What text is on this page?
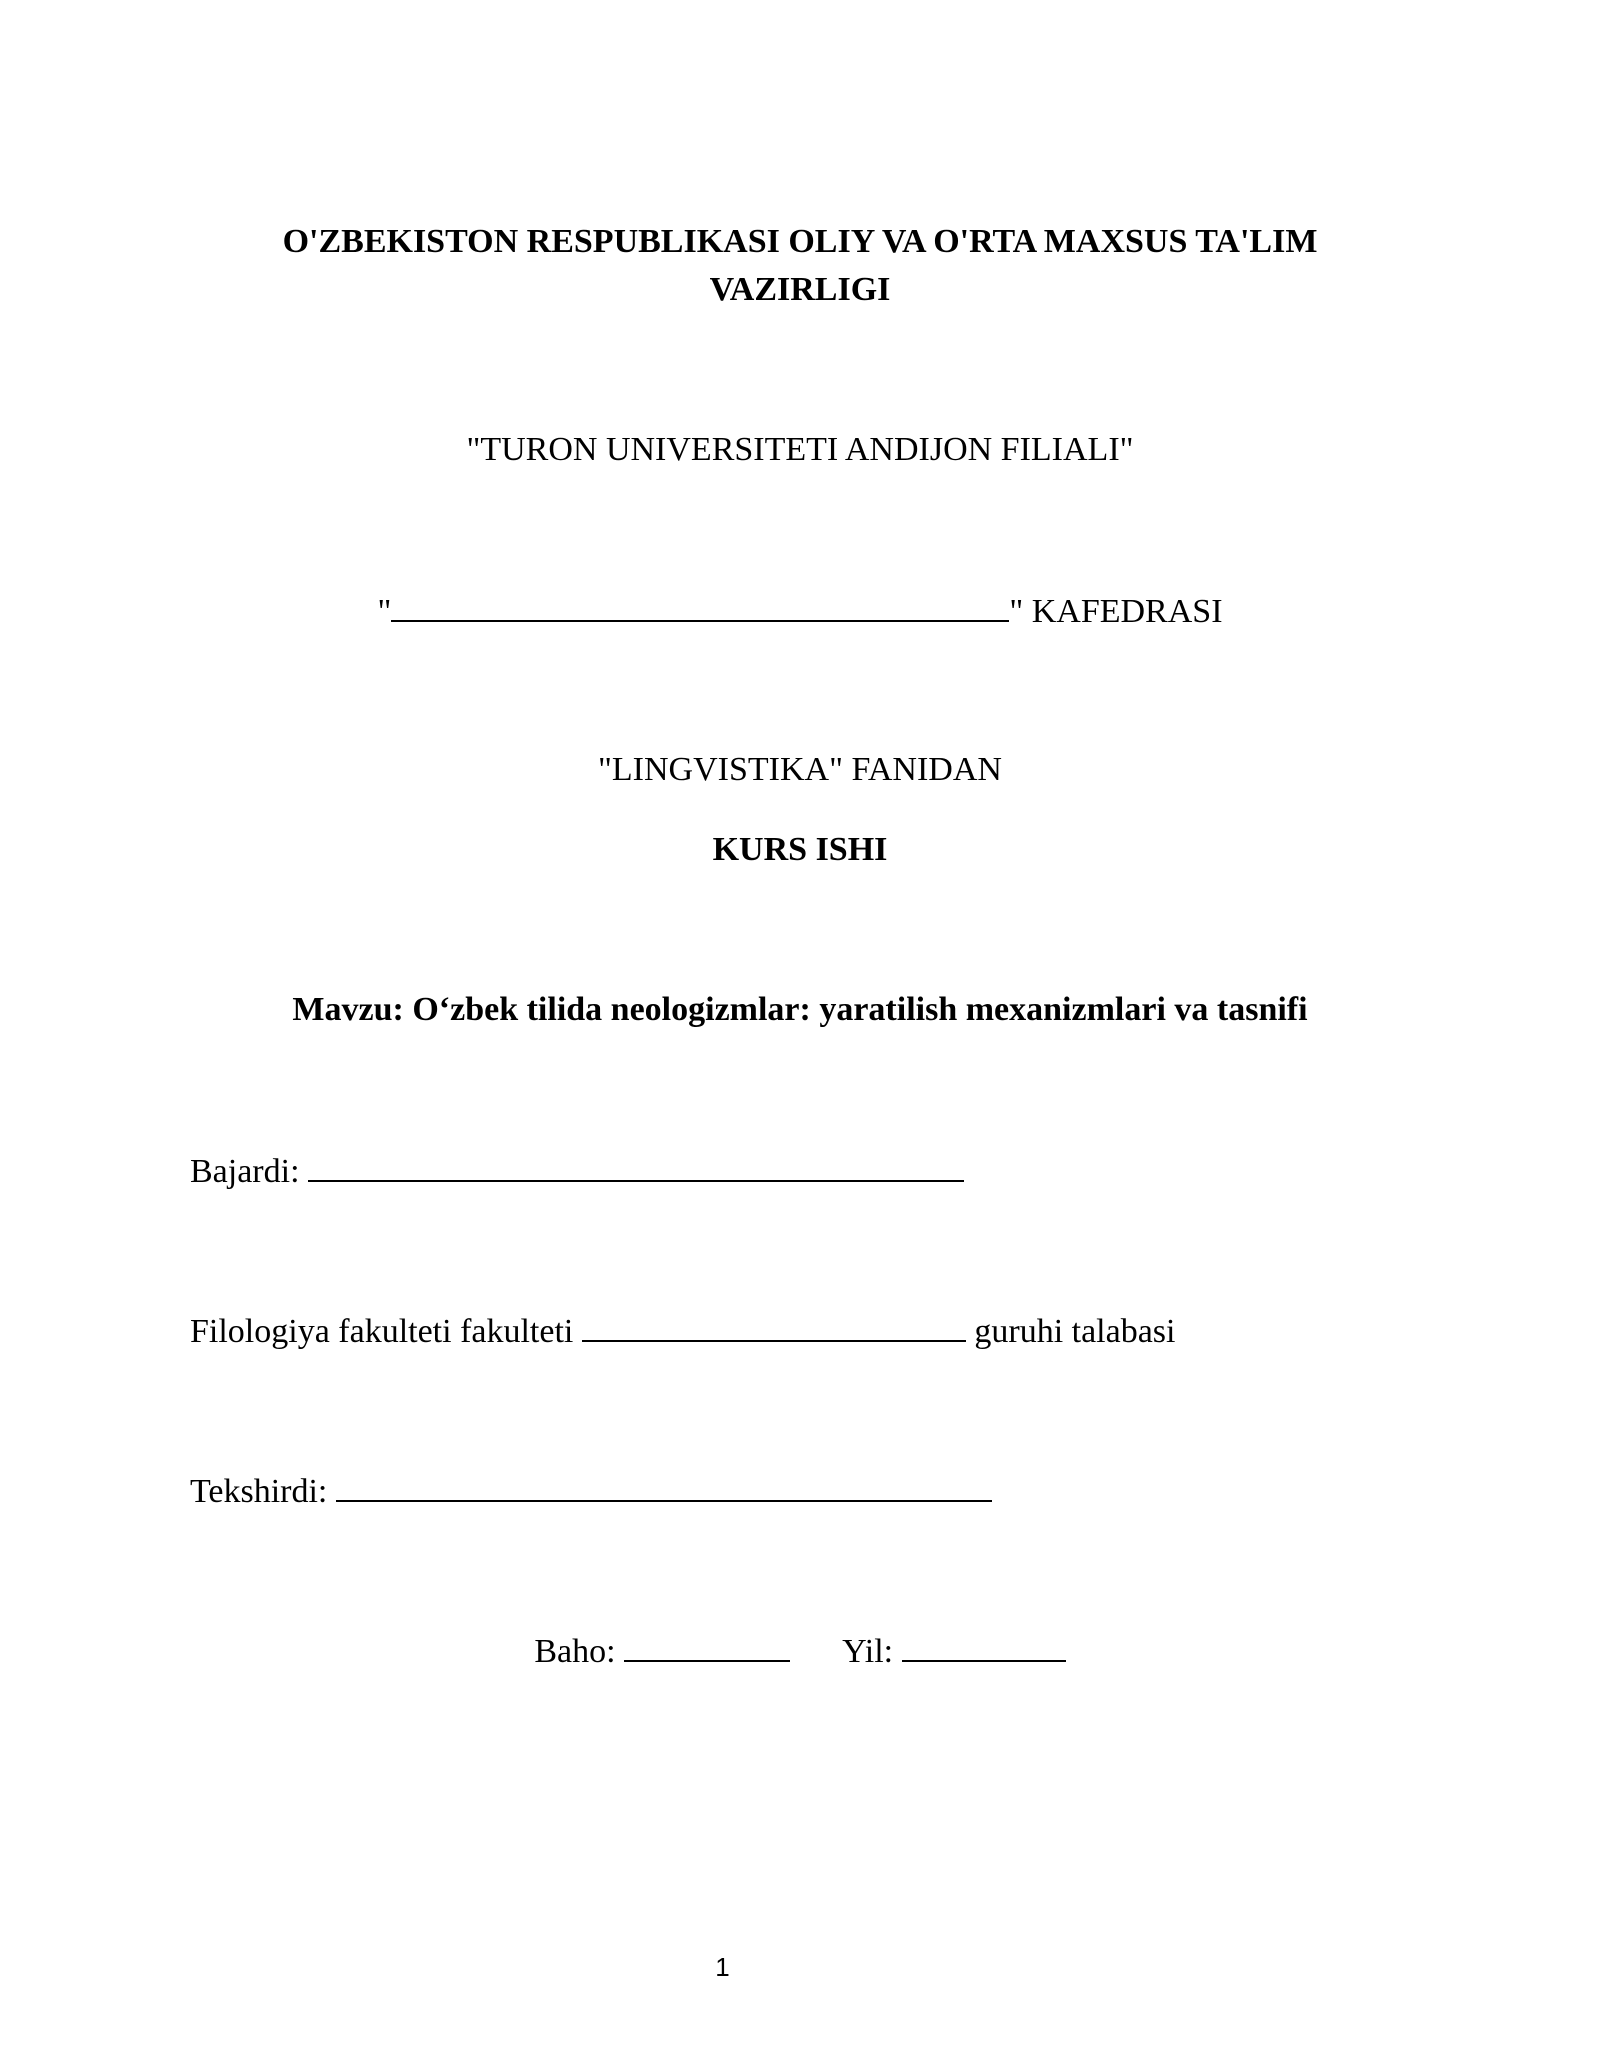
O'ZBEKISTON RESPUBLIKASI OLIY VA O'RTA MAXSUS TA'LIM
VAZIRLIGI
"TURON UNIVERSITETI ANDIJON FILIALI"
"	" KAFEDRASI
"LINGVISTIKA" FANIDAN
KURS ISHI
Mavzu: O‘zbek tilida neologizmlar: yaratilish mexanizmlari va tasnifi
Bajardi:
Filologiya fakulteti fakulteti	guruhi talabasi
Tekshirdi:
Baho:	Yil:
1
